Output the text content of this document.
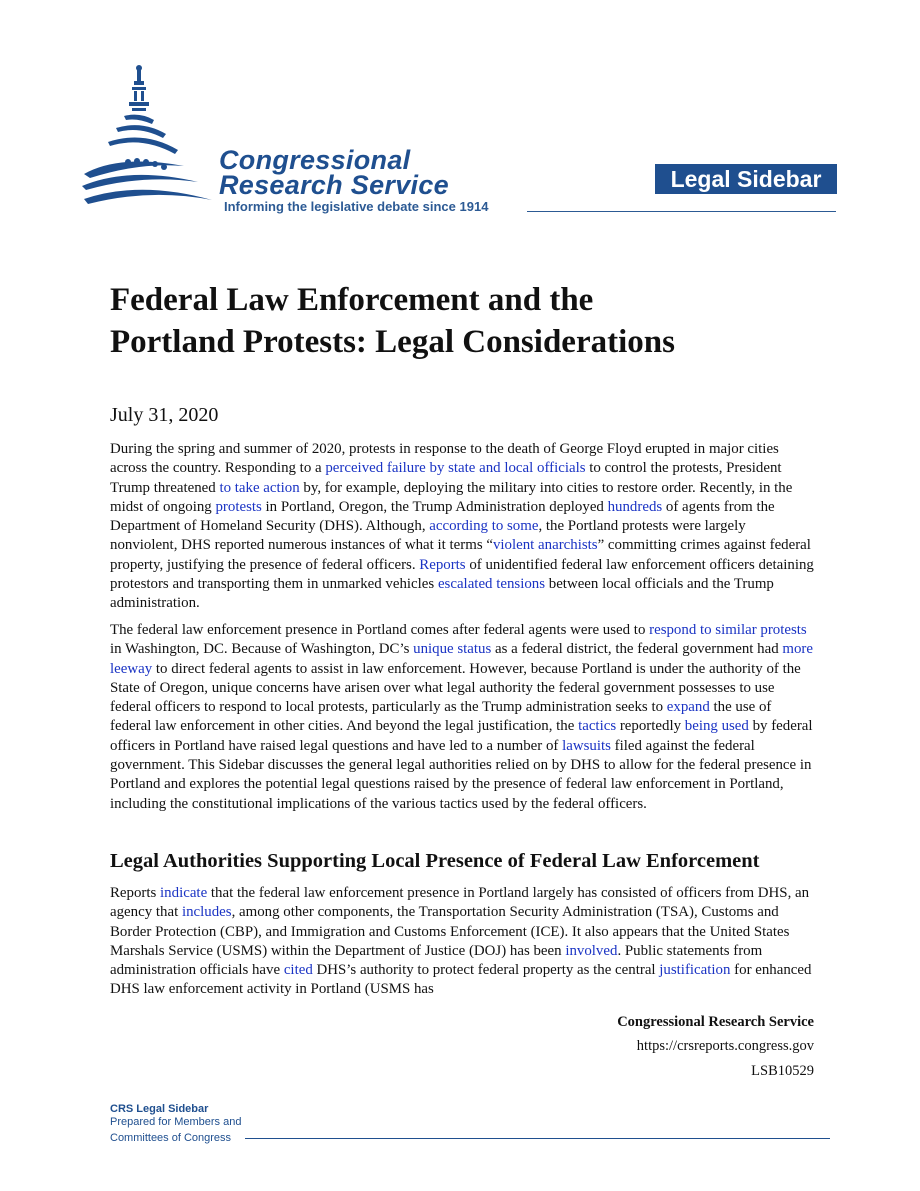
Congressional
Research Service
Informing the legislative debate since 1914
Legal Sidebar
Federal Law Enforcement and the
Portland Protests: Legal Considerations
July 31, 2020

During the spring and summer of 2020, protests in response to the death of George Floyd erupted in major cities across the country. Responding to a perceived failure by state and local officials to control the protests, President Trump threatened to take action by, for example, deploying the military into cities to restore order. Recently, in the midst of ongoing protests in Portland, Oregon, the Trump Administration deployed hundreds of agents from the Department of Homeland Security (DHS). Although, according to some, the Portland protests were largely nonviolent, DHS reported numerous instances of what it terms “violent anarchists” committing crimes against federal property, justifying the presence of federal officers. Reports of unidentified federal law enforcement officers detaining protestors and transporting them in unmarked vehicles escalated tensions between local officials and the Trump administration.

The federal law enforcement presence in Portland comes after federal agents were used to respond to similar protests in Washington, DC. Because of Washington, DC’s unique status as a federal district, the federal government had more leeway to direct federal agents to assist in law enforcement. However, because Portland is under the authority of the State of Oregon, unique concerns have arisen over what legal authority the federal government possesses to use federal officers to respond to local protests, particularly as the Trump administration seeks to expand the use of federal law enforcement in other cities. And beyond the legal justification, the tactics reportedly being used by federal officers in Portland have raised legal questions and have led to a number of lawsuits filed against the federal government. This Sidebar discusses the general legal authorities relied on by DHS to allow for the federal presence in Portland and explores the potential legal questions raised by the presence of federal law enforcement in Portland, including the constitutional implications of the various tactics used by the federal officers.

Legal Authorities Supporting Local Presence of Federal Law Enforcement

Reports indicate that the federal law enforcement presence in Portland largely has consisted of officers from DHS, an agency that includes, among other components, the Transportation Security Administration (TSA), Customs and Border Protection (CBP), and Immigration and Customs Enforcement (ICE). It also appears that the United States Marshals Service (USMS) within the Department of Justice (DOJ) has been involved. Public statements from administration officials have cited DHS’s authority to protect federal property as the central justification for enhanced DHS law enforcement activity in Portland (USMS has

Congressional Research Service
https://crsreports.congress.gov
LSB10529
CRS Legal Sidebar
Prepared for Members and
Committees of Congress
